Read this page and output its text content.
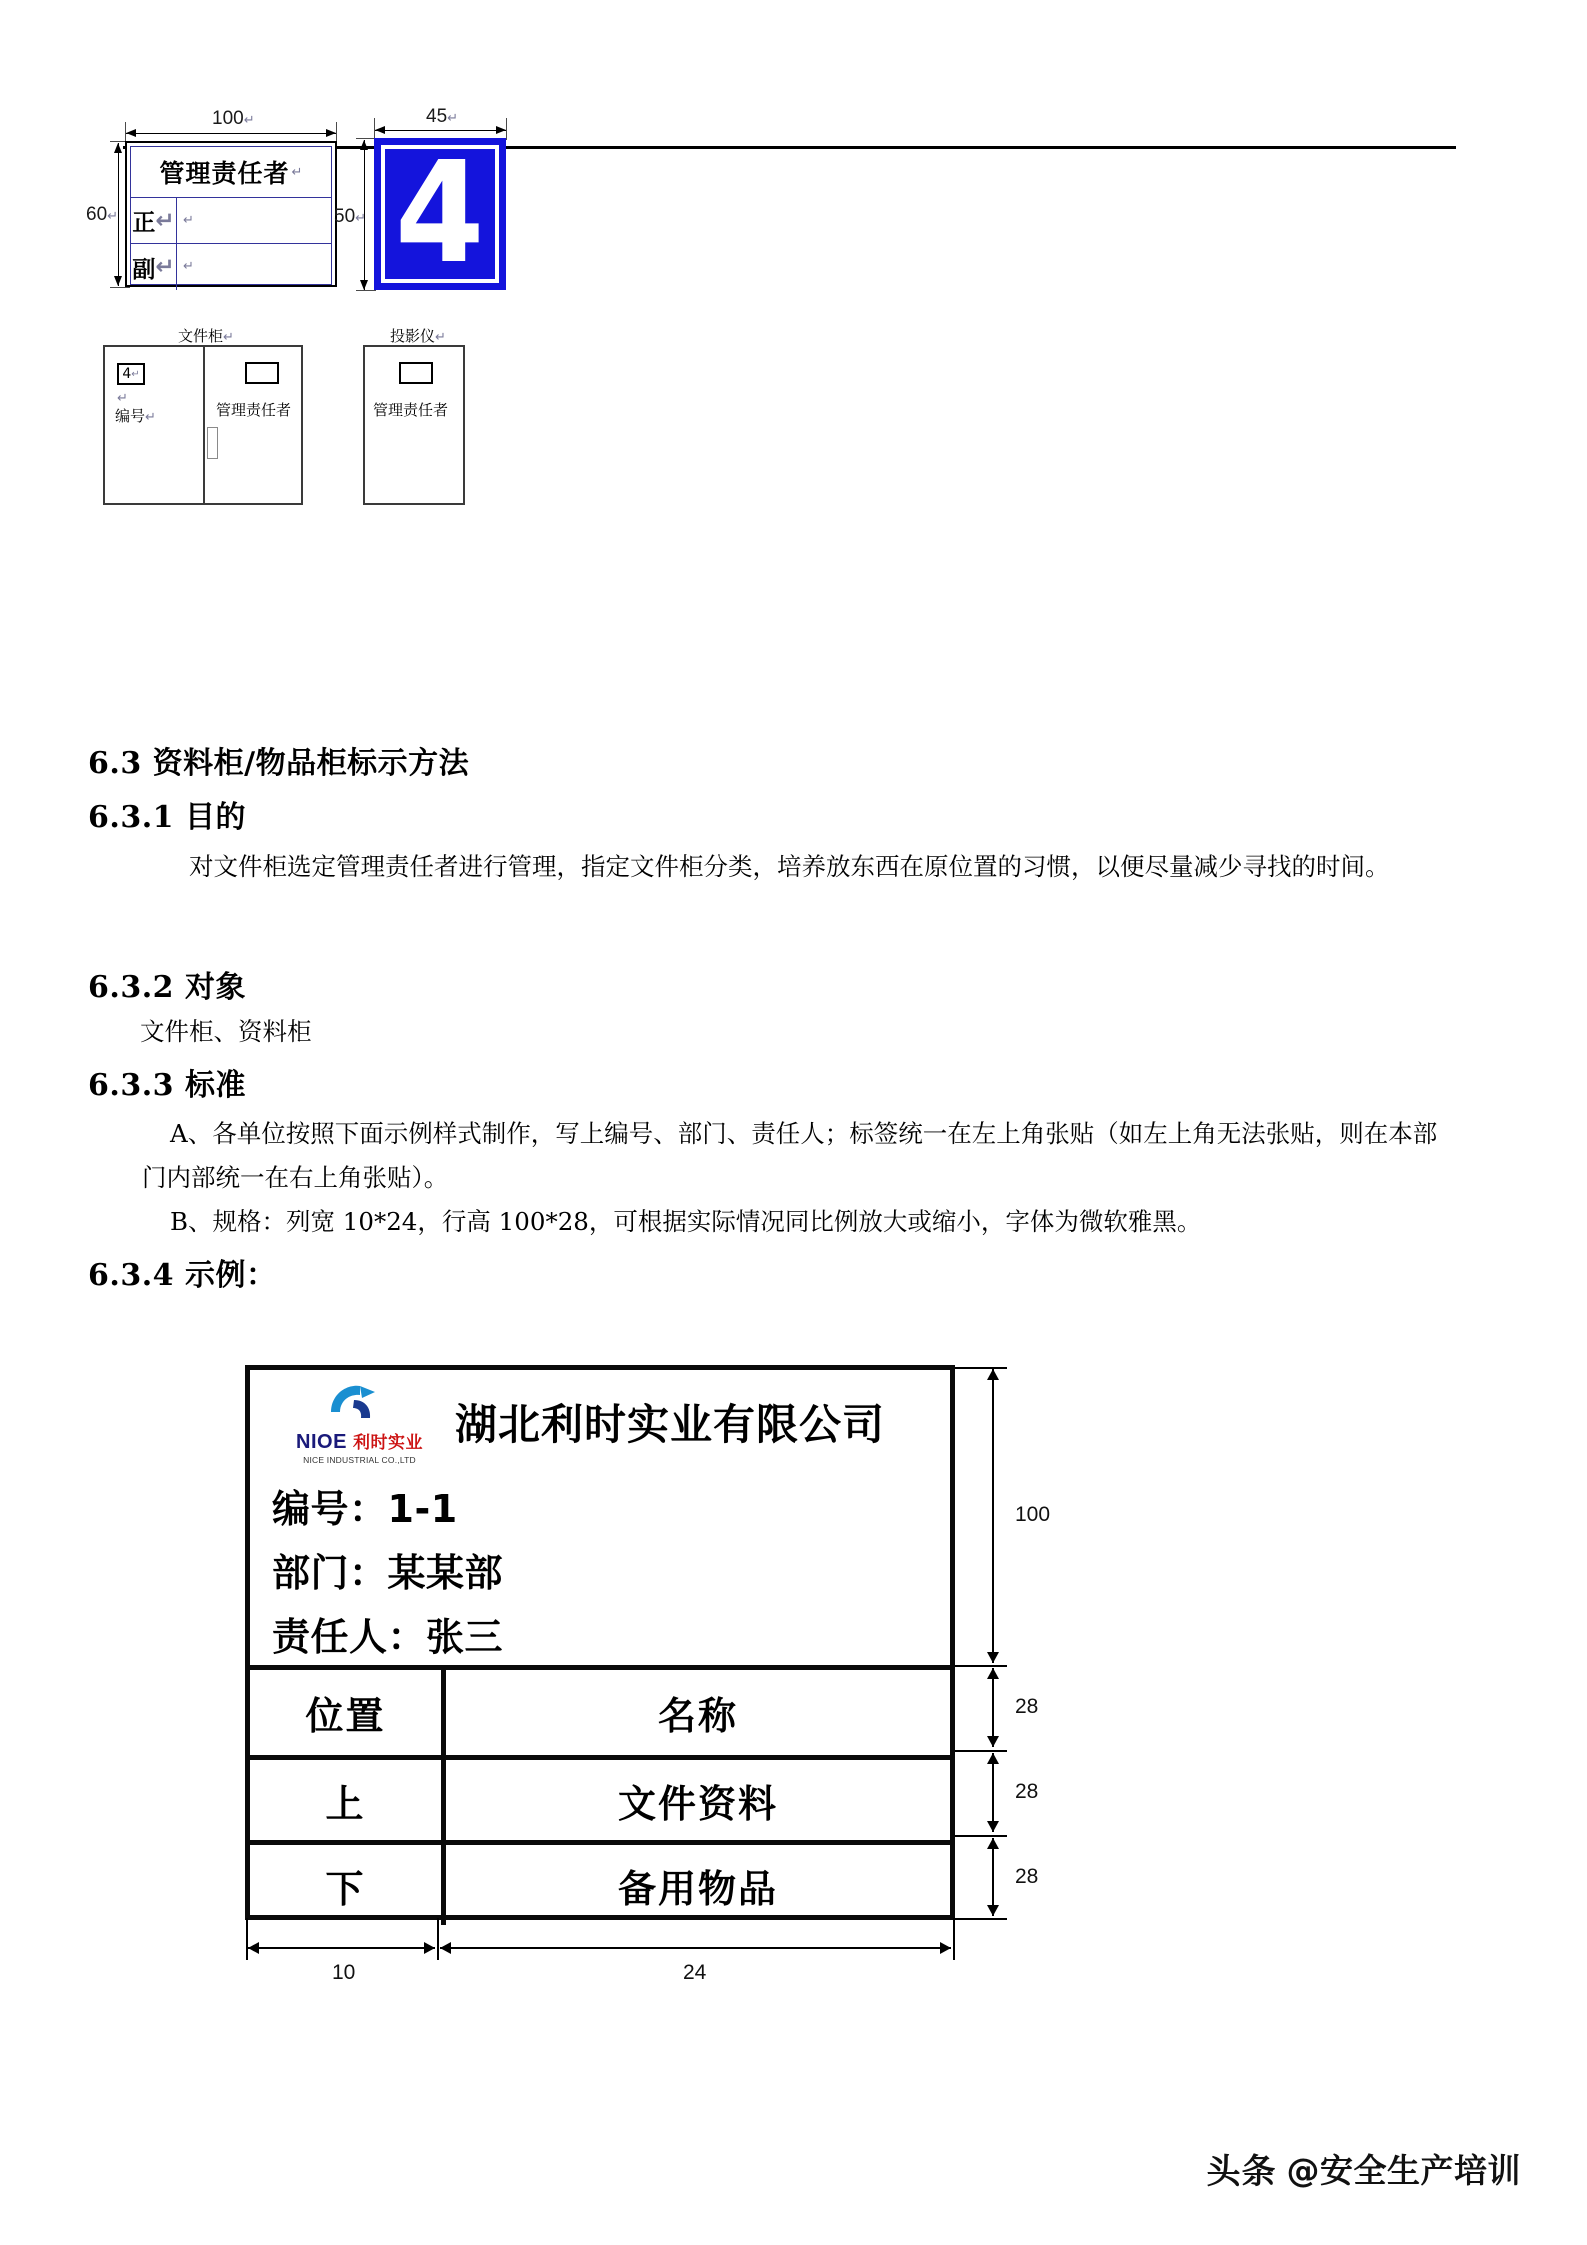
100↵
60↵
管理责任者 ↵
正 ↵ ↵
副 ↵ ↵
45↵
50↵ 4
文件柜↵
4 ↵
↵
编号↵	管理责任者
投影仪↵
管理责任者
6.3 资料柜/物品柜标示方法
6.3.1 目的
对文件柜选定管理责任者进行管理，指定文件柜分类，培养放东西在原位置的习惯，以便尽量减少寻找的时间。
6.3.2 对象
文件柜、资料柜
6.3.3 标准
A、各单位按照下面示例样式制作，写上编号、部门、责任人；标签统一在左上角张贴（如左上角无法张贴，则在本部门内部统一在右上角张贴）。
B、规格：列宽 10*24，行高 100*28，可根据实际情况同比例放大或缩小，字体为微软雅黑。
6.3.4 示例：
NIOE 利时实业
NICE INDUSTRIAL CO.,LTD
湖北利时实业有限公司
编号：1-1
部门：某某部
责任人：张三
位置	名称
上	文件资料
下	备用物品
100
28
28
28
10	24
头条 @安全生产培训
